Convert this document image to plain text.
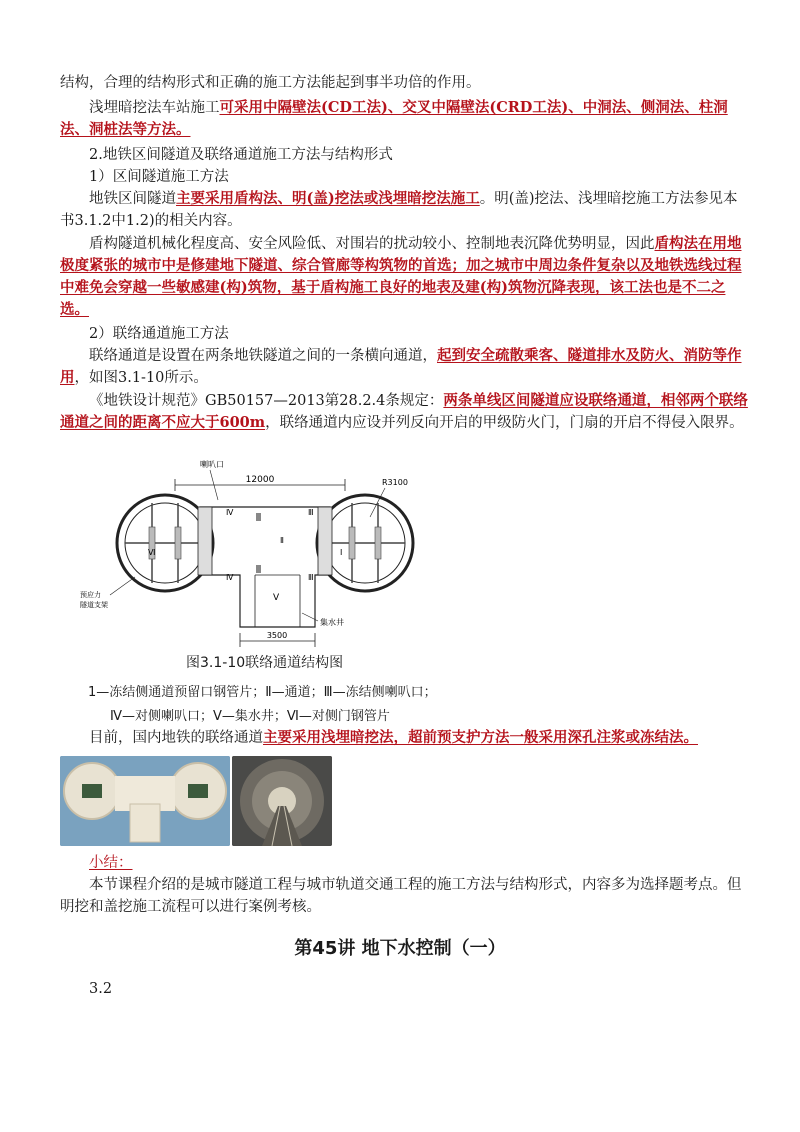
结构，合理的结构形式和正确的施工方法能起到事半功倍的作用。

浅埋暗挖法车站施工可采用中隔壁法(CD工法)、交叉中隔壁法(CRD工法)、中洞法、侧洞法、柱洞法、洞桩法等方法。

2.地铁区间隧道及联络通道施工方法与结构形式

1）区间隧道施工方法

地铁区间隧道主要采用盾构法、明(盖)挖法或浅埋暗挖法施工。明(盖)挖法、浅埋暗挖施工方法参见本书3.1.2中1.2)的相关内容。

盾构隧道机械化程度高、安全风险低、对围岩的扰动较小、控制地表沉降优势明显，因此盾构法在用地极度紧张的城市中是修建地下隧道、综合管廊等构筑物的首选；加之城市中周边条件复杂以及地铁选线过程中难免会穿越一些敏感建(构)筑物，基于盾构施工良好的地表及建(构)筑物沉降表现，该工法也是不二之选。

2）联络通道施工方法

联络通道是设置在两条地铁隧道之间的一条横向通道，起到安全疏散乘客、隧道排水及防火、消防等作用，如图3.1-10所示。

《地铁设计规范》GB50157—2013第28.2.4条规定：两条单线区间隧道应设联络通道，相邻两个联络通道之间的距离不应大于600m，联络通道内应设并列反向开启的甲级防火门，门扇的开启不得侵入限界。

12000
喇叭口
R3100
Ⅳ
Ⅵ
Ⅳ
Ⅱ
Ⅲ
Ⅰ
Ⅲ
Ⅴ
预应力
隧道支架
集水井
3500
图3.1-10联络通道结构图
1—冻结侧通道预留口钢管片；Ⅱ—通道；Ⅲ—冻结侧喇叭口；
Ⅳ—对侧喇叭口；Ⅴ—集水井；Ⅵ—对侧门钢管片

目前，国内地铁的联络通道主要采用浅埋暗挖法，超前预支护方法一般采用深孔注浆或冻结法。

小结：

本节课程介绍的是城市隧道工程与城市轨道交通工程的施工方法与结构形式，内容多为选择题考点。但明挖和盖挖施工流程可以进行案例考核。

第45讲 地下水控制（一）

3.2
